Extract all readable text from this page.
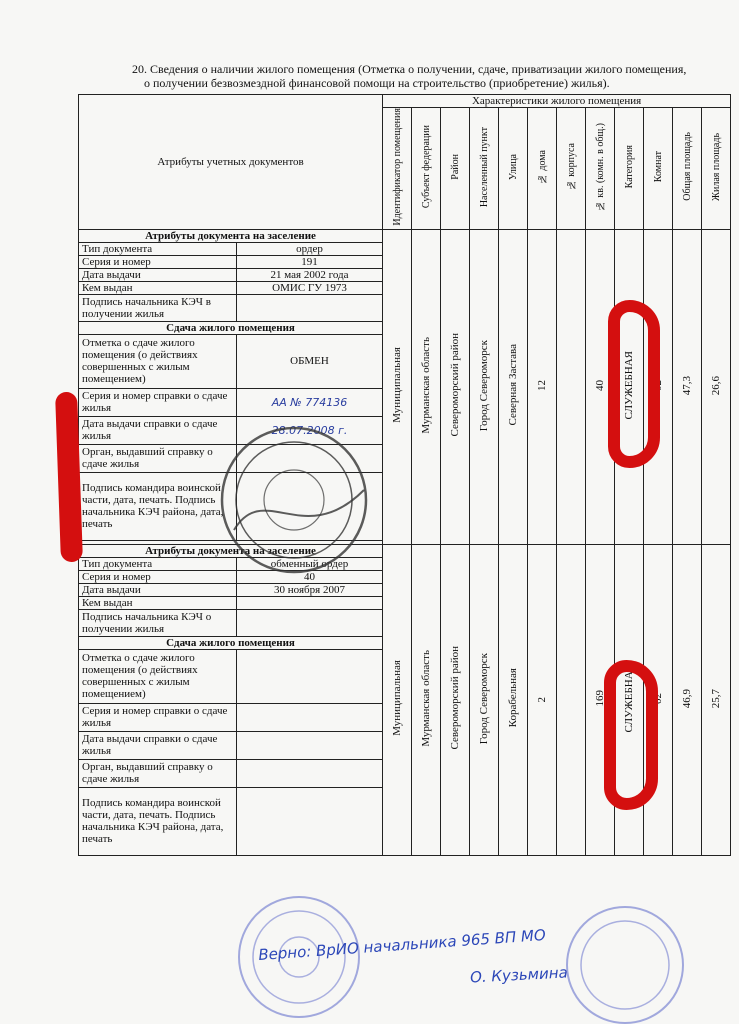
20. Сведения о наличии жилого помещения (Отметка о получении, сдаче, приватизации жилого помещения,
о получении безвозмездной финансовой помощи на строительство (приобретение) жилья).
Атрибуты учетных документов		Характеристики жилого помещения											
		Идентификатор помещения	Субъект федерации	Район	Населенный пункт	Улица	№ дома	№ корпуса	№ кв. (комн. в общ.)	Категория	Комнат	Общая площадь	Жилая площадь
Атрибуты документа на заселение		Муниципальная	Мурманская область	Североморский район	Город Североморск	Северная Застава	12		40	СЛУЖЕБНАЯ	02	47,3	26,6
Тип документа	ордер												
Серия и номер	191												
Дата выдачи	21 мая 2002 года												
Кем выдан	ОМИС ГУ 1973												
Подпись начальника КЭЧ в получении жилья													
Сдача жилого помещения													
Отметка о сдаче жилого помещения (о действиях совершенных с жилым помещением)	ОБМЕН												
Серия и номер справки о сдаче жилья	АА № 774136												
Дата выдачи справки о сдаче жилья	28.07.2008 г.												
Орган, выдавший справку о сдаче жилья													
Подпись командира воинской части, дата, печать. Подпись начальника КЭЧ района, дата, печать													

Атрибуты документа на заселение		Муниципальная	Мурманская область	Североморский район	Город Североморск	Корабельная	2		169	СЛУЖЕБНАЯ	02	46,9	25,7
Тип документа	обменный ордер												
Серия и номер	40												
Дата выдачи	30 ноября 2007												
Кем выдан													
Подпись начальника КЭЧ о получении жилья													
Сдача жилого помещения													
Отметка о сдаче жилого помещения (о действиях совершенных с жилым помещением)													
Серия и номер справки о сдаче жилья													
Дата выдачи справки о сдаче жилья													
Орган, выдавший справку о сдаче жилья													
Подпись командира воинской части, дата, печать. Подпись начальника КЭЧ района, дата, печать													
Верно: ВрИО начальника 965 ВП МО
О. Кузьмина
